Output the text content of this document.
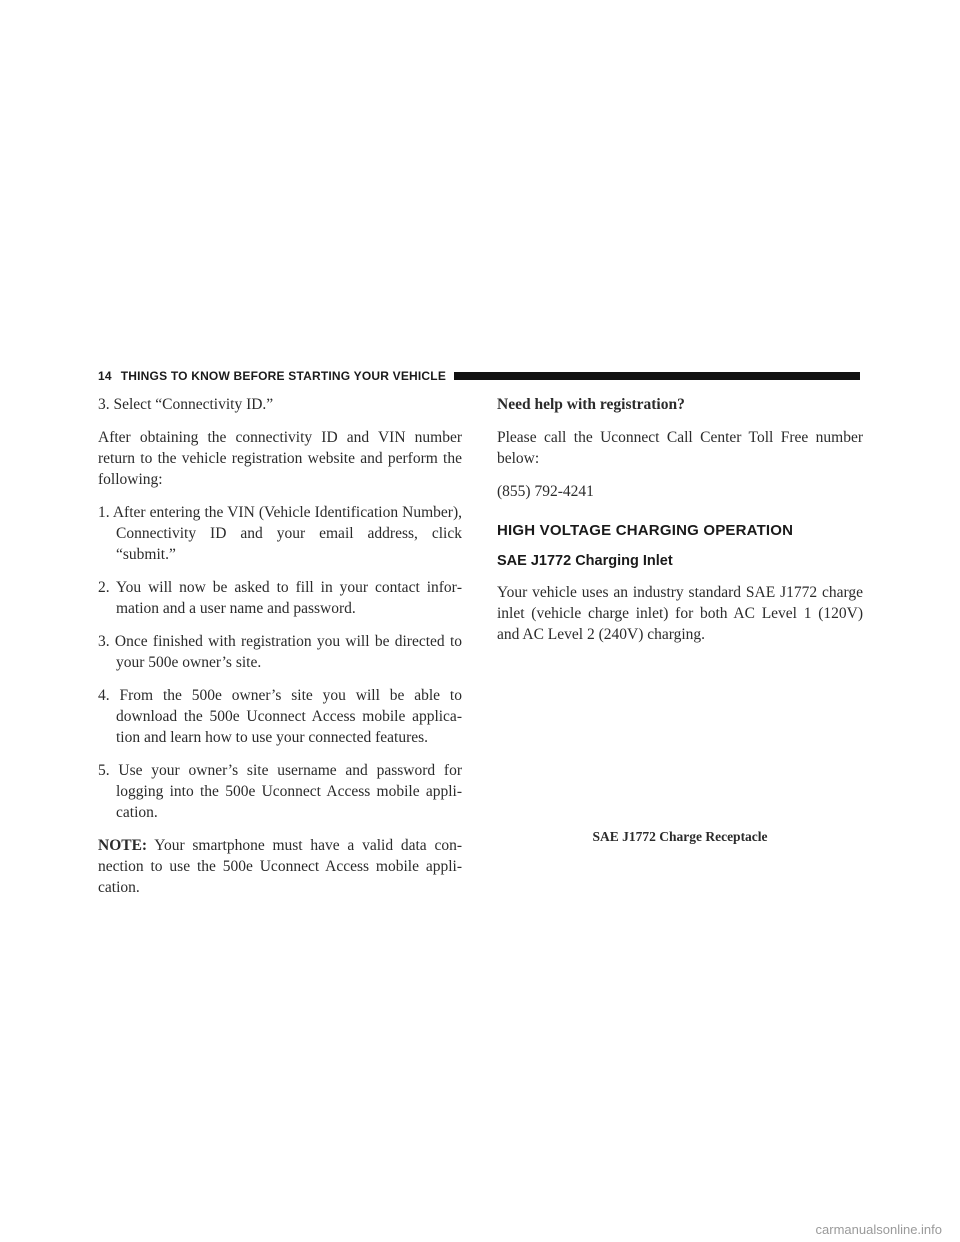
14 THINGS TO KNOW BEFORE STARTING YOUR VEHICLE

3. Select “Connectivity ID.”

After obtaining the connectivity ID and VIN number return to the vehicle registration website and perform the following:

1. After entering the VIN (Vehicle Identification Number), Connectivity ID and your email address, click “submit.”

2. You will now be asked to fill in your contact information and a user name and password.

3. Once finished with registration you will be directed to your 500e owner’s site.

4. From the 500e owner’s site you will be able to download the 500e Uconnect Access mobile application and learn how to use your connected features.

5. Use your owner’s site username and password for logging into the 500e Uconnect Access mobile application.

NOTE: Your smartphone must have a valid data connection to use the 500e Uconnect Access mobile application.

Need help with registration?

Please call the Uconnect Call Center Toll Free number below:

(855) 792-4241

HIGH VOLTAGE CHARGING OPERATION
SAE J1772 Charging Inlet

Your vehicle uses an industry standard SAE J1772 charge inlet (vehicle charge inlet) for both AC Level 1 (120V) and AC Level 2 (240V) charging.

SAE J1772 Charge Receptacle
carmanualsonline.info
